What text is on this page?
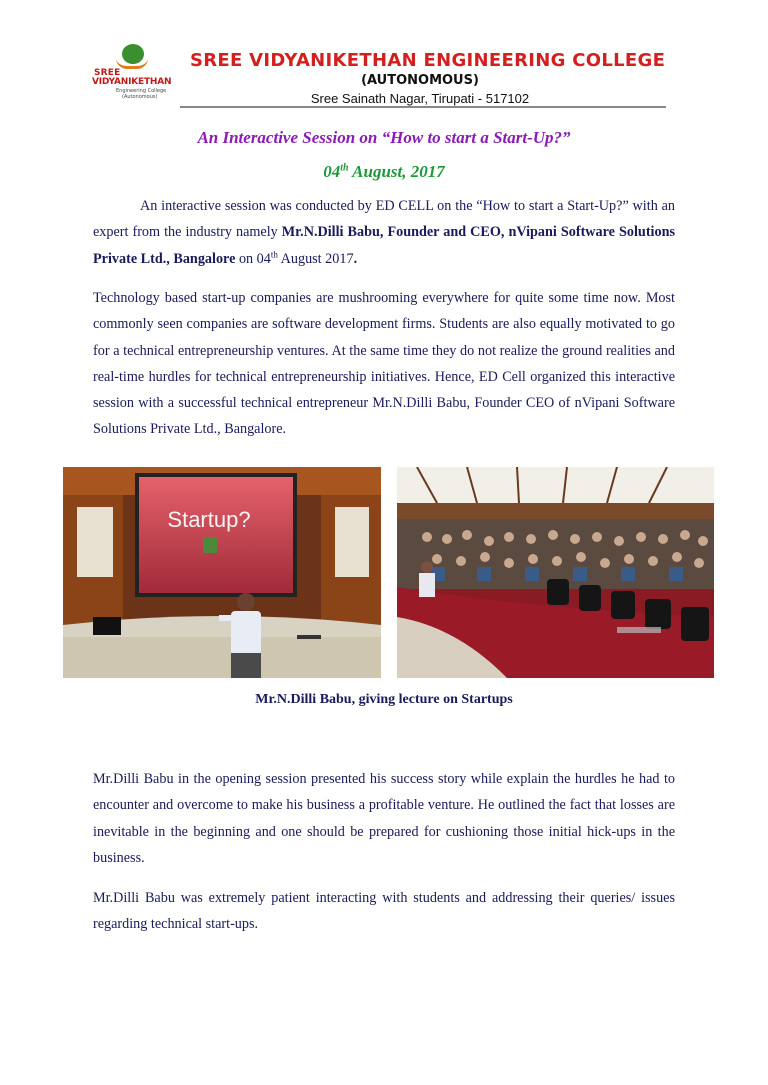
SREE
VIDYANIKETHAN
Engineering College
(Autonomous)
SREE VIDYANIKETHAN ENGINEERING COLLEGE
(AUTONOMOUS)
Sree Sainath Nagar, Tirupati - 517102
An Interactive Session on “How to start a Start-Up?”
04th August, 2017

An interactive session was conducted by ED CELL on the “How to start a Start-Up?” with an expert from the industry namely Mr.N.Dilli Babu, Founder and CEO, nVipani Software Solutions Private Ltd., Bangalore on 04th August 2017.

Technology based start-up companies are mushrooming everywhere for quite some time now. Most commonly seen companies are software development firms. Students are also equally motivated to go for a technical entrepreneurship ventures. At the same time they do not realize the ground realities and real-time hurdles for technical entrepreneurship initiatives. Hence, ED Cell organized this interactive session with a successful technical entrepreneur Mr.N.Dilli Babu, Founder CEO of nVipani Software Solutions Private Ltd., Bangalore.

Startup?
Mr.N.Dilli Babu, giving lecture on Startups

Mr.Dilli Babu in the opening session presented his success story while explain the hurdles he had to encounter and overcome to make his business a profitable venture. He outlined the fact that losses are inevitable in the beginning and one should be prepared for cushioning those initial hick-ups in the business.

Mr.Dilli Babu was extremely patient interacting with students and addressing their queries/ issues regarding technical start-ups.
